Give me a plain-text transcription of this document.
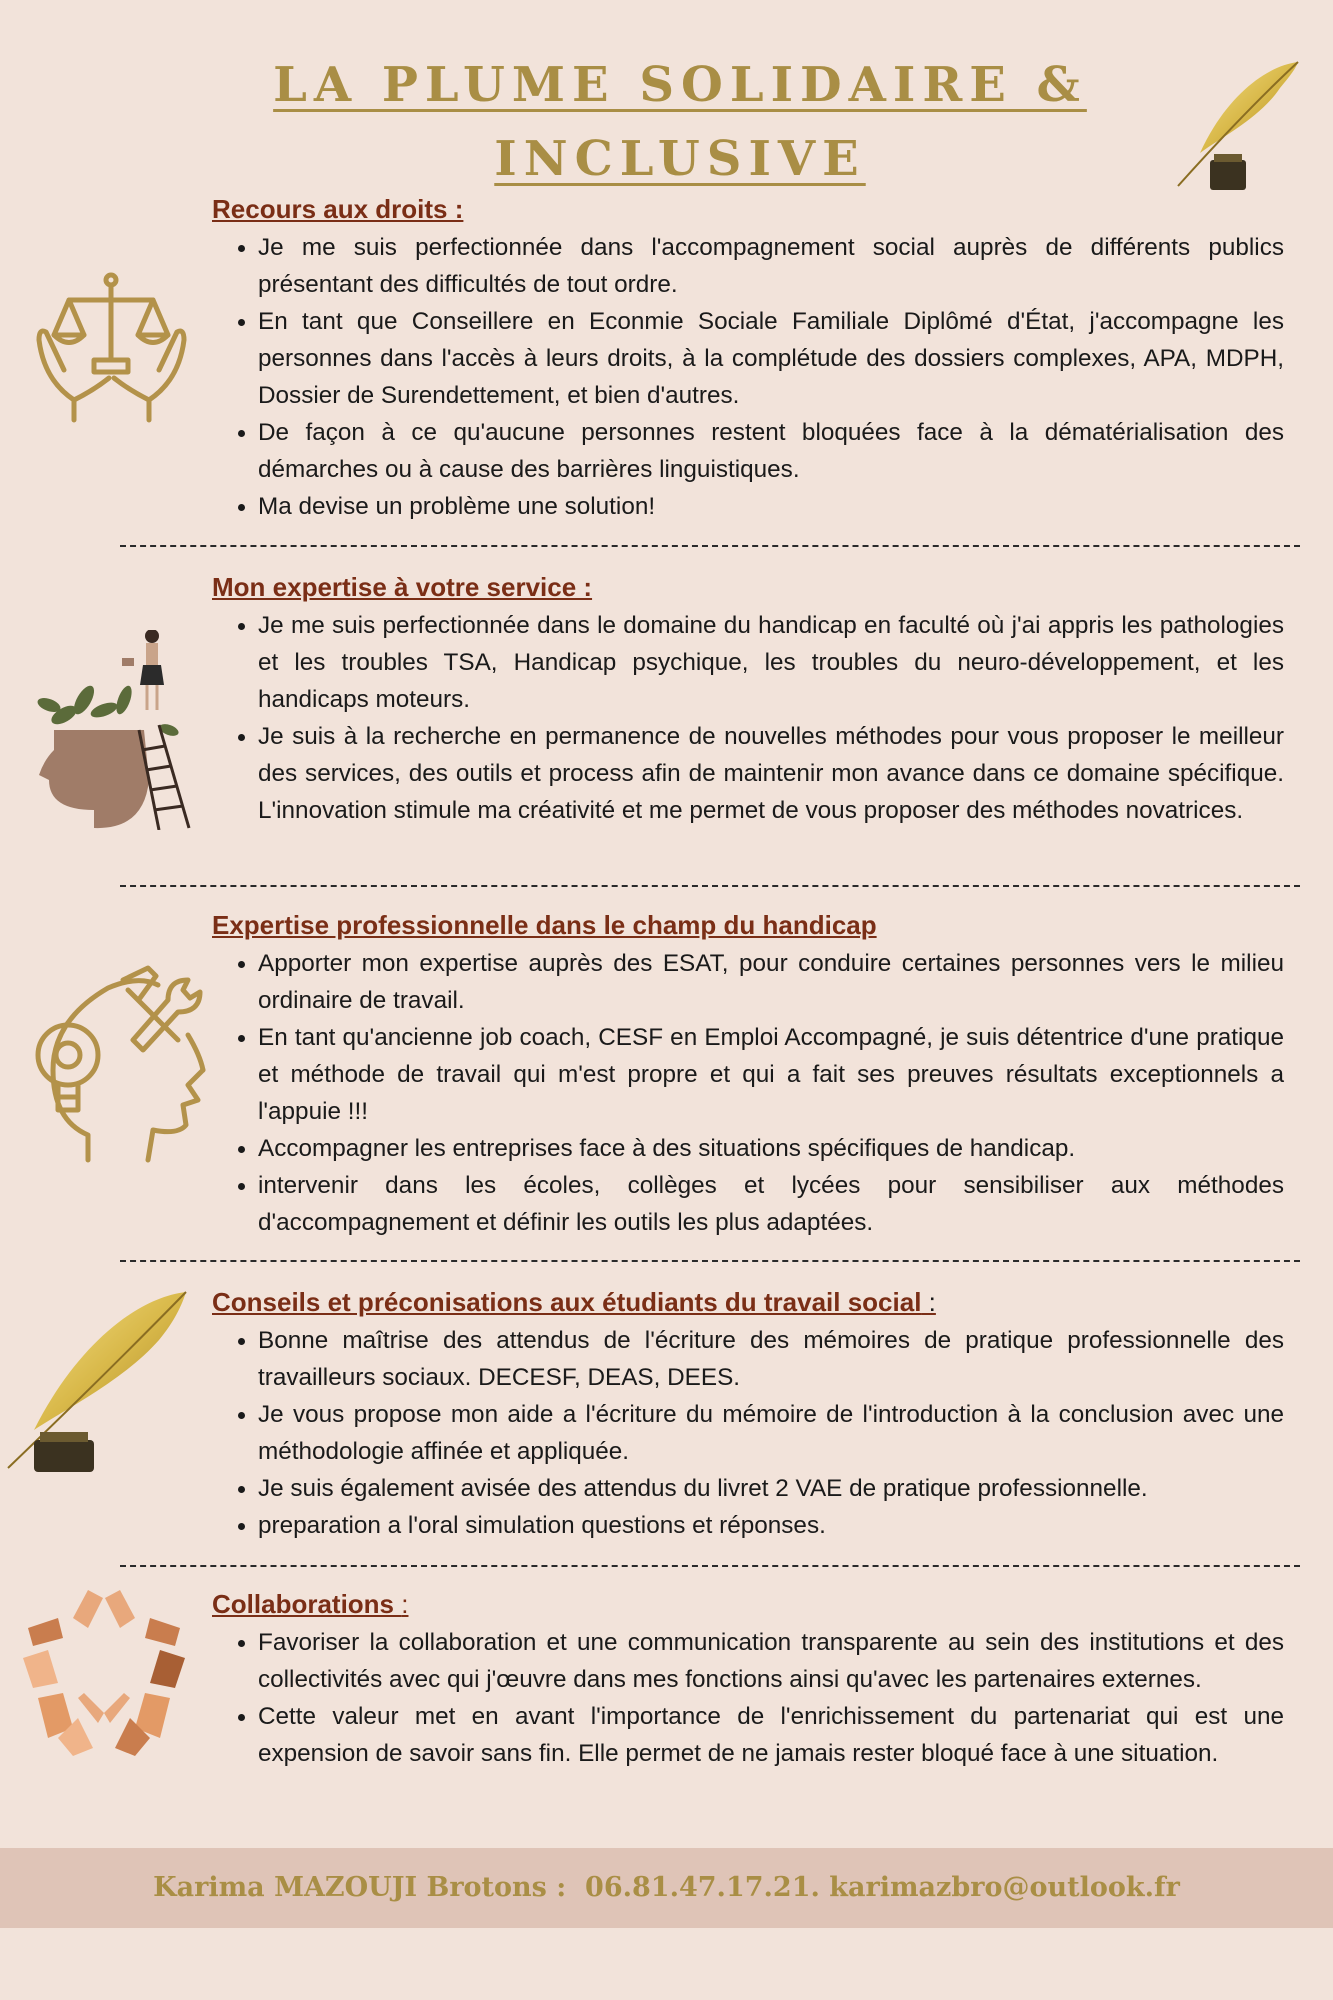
LA PLUME SOLIDAIRE &
INCLUSIVE
Recours aux droits :
Je me suis perfectionnée dans l'accompagnement social auprès de différents publics présentant des difficultés de tout ordre.
En tant que Conseillere en Econmie Sociale Familiale Diplômé d'État, j'accompagne les personnes dans l'accès à leurs droits, à la complétude des dossiers complexes, APA, MDPH, Dossier de Surendettement, et bien d'autres.
De façon à ce qu'aucune personnes restent bloquées face à la dématérialisation des démarches ou à cause des barrières linguistiques.
Ma devise un problème une solution!
Mon expertise à votre service :
Je me suis perfectionnée dans le domaine du handicap en faculté où j'ai appris les pathologies et les troubles TSA, Handicap psychique, les troubles du neuro-développement, et les handicaps moteurs.
Je suis à la recherche en permanence de nouvelles méthodes pour vous proposer le meilleur des services, des outils et process afin de maintenir mon avance dans ce domaine spécifique. L'innovation stimule ma créativité et me permet de vous proposer des méthodes novatrices.
Expertise professionnelle dans le champ du handicap
Apporter mon expertise auprès des ESAT, pour conduire certaines personnes vers le milieu ordinaire de travail.
En tant qu'ancienne job coach, CESF en Emploi Accompagné, je suis détentrice d'une pratique et méthode de travail qui m'est propre et qui a fait ses preuves résultats exceptionnels a l'appuie !!!
Accompagner les entreprises face à des situations spécifiques de handicap.
intervenir dans les écoles, collèges et lycées pour sensibiliser aux méthodes d'accompagnement et définir les outils les plus adaptées.
Conseils et préconisations aux étudiants du travail social :
Bonne maîtrise des attendus de l'écriture des mémoires de pratique professionnelle des travailleurs sociaux. DECESF, DEAS, DEES.
Je vous propose mon aide a l'écriture du mémoire de l'introduction à la conclusion avec une méthodologie affinée et appliquée.
Je suis également avisée des attendus du livret 2 VAE de pratique professionnelle.
preparation a l'oral simulation questions et réponses.
Collaborations :
Favoriser la collaboration et une communication transparente au sein des institutions et des collectivités avec qui j'œuvre dans mes fonctions ainsi qu'avec les partenaires externes.
Cette valeur met en avant l'importance de l'enrichissement du partenariat qui est une expension de savoir sans fin. Elle permet de ne jamais rester bloqué face à une situation.
Karima MAZOUJI Brotons :  06.81.47.17.21. karimazbro@outlook.fr
